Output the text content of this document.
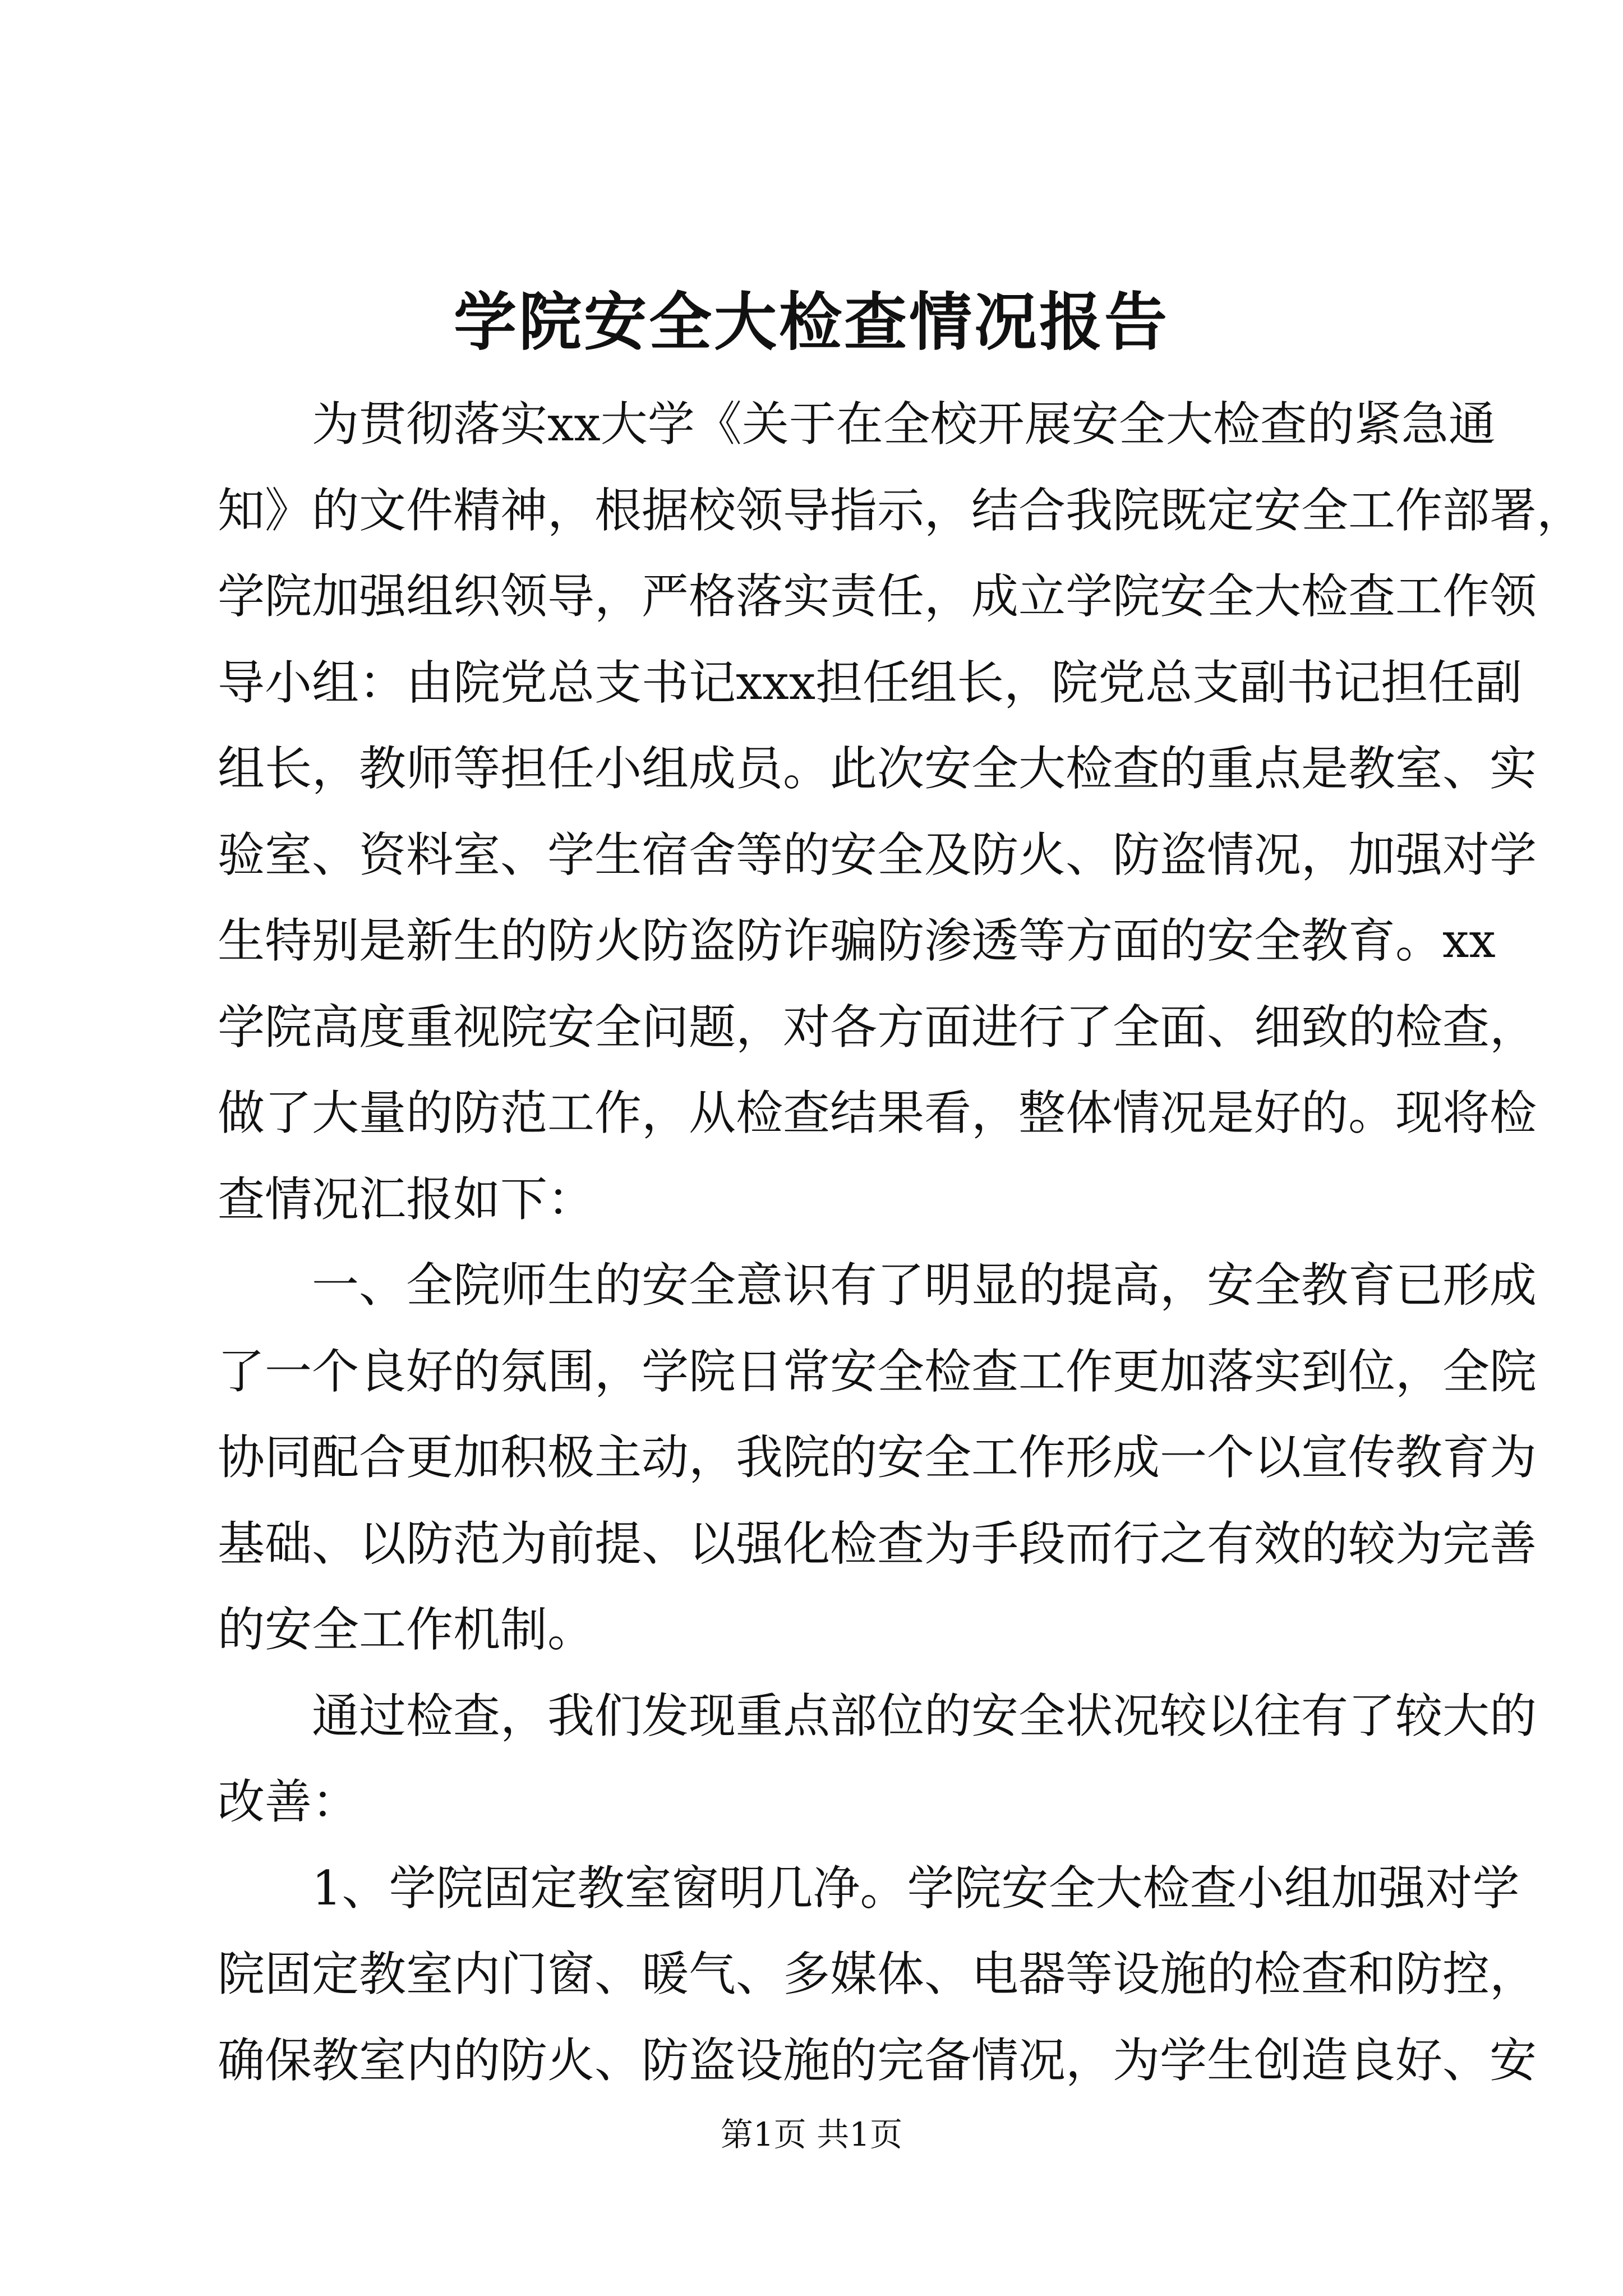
学院安全大检查情况报告
　　为贯彻落实xx大学《关于在全校开展安全大检查的紧急通
知》的文件精神，根据校领导指示，结合我院既定安全工作部署，
学院加强组织领导，严格落实责任，成立学院安全大检查工作领
导小组：由院党总支书记xxx担任组长，院党总支副书记担任副
组长，教师等担任小组成员。此次安全大检查的重点是教室、实
验室、资料室、学生宿舍等的安全及防火、防盗情况，加强对学
生特别是新生的防火防盗防诈骗防渗透等方面的安全教育。xx
学院高度重视院安全问题，对各方面进行了全面、细致的检查，
做了大量的防范工作，从检查结果看，整体情况是好的。现将检
查情况汇报如下：
　　一、全院师生的安全意识有了明显的提高，安全教育已形成
了一个良好的氛围，学院日常安全检查工作更加落实到位，全院
协同配合更加积极主动，我院的安全工作形成一个以宣传教育为
基础、以防范为前提、以强化检查为手段而行之有效的较为完善
的安全工作机制。
　　通过检查，我们发现重点部位的安全状况较以往有了较大的
改善：
　　1、学院固定教室窗明几净。学院安全大检查小组加强对学
院固定教室内门窗、暖气、多媒体、电器等设施的检查和防控，
确保教室内的防火、防盗设施的完备情况，为学生创造良好、安
第1页 共1页
